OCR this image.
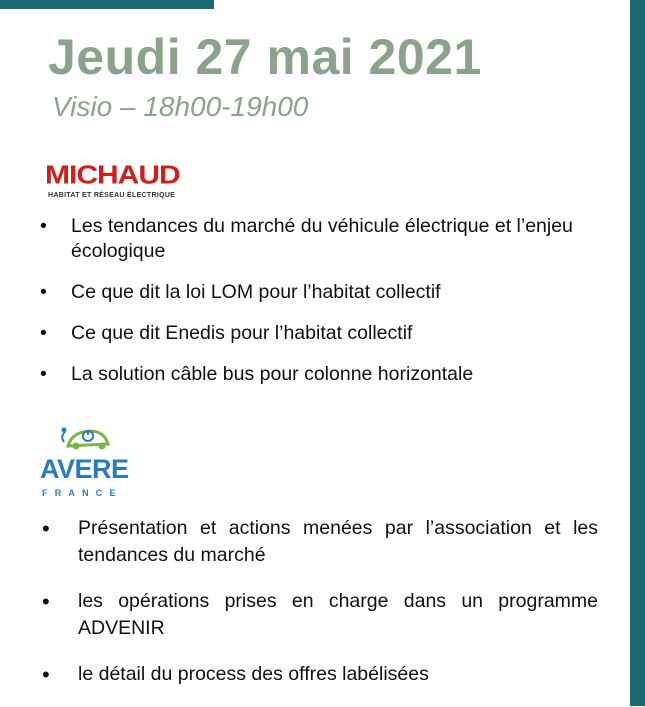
Jeudi 27 mai 2021
Visio – 18h00-19h00
MICHAUD
HABITAT ET RÉSEAU ÉLECTRIQUE
• Les tendances du marché du véhicule électrique et l’enjeu écologique
• Ce que dit la loi LOM pour l’habitat collectif
• Ce que dit Enedis pour l’habitat collectif
• La solution câble bus pour colonne horizontale
AVERE
FRANCE
• Présentation et actions menées par l’association et les tendances du marché
• les opérations prises en charge dans un programme ADVENIR
• le détail du process des offres labélisées
